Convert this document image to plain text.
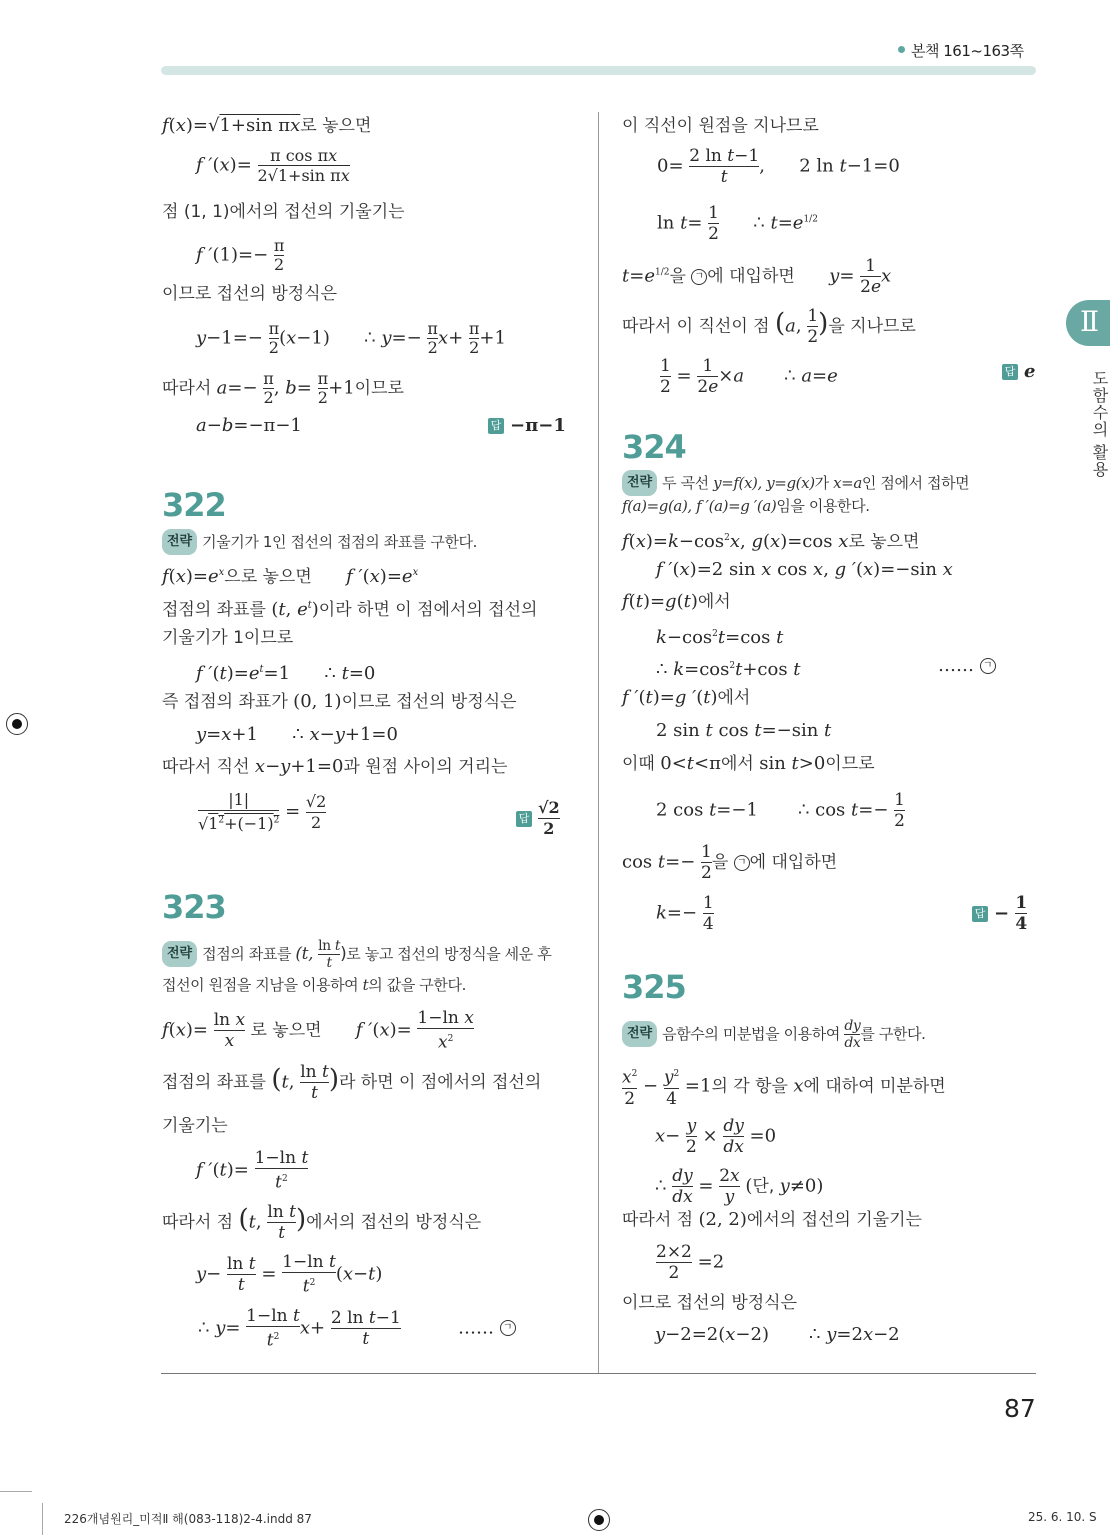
본책 161~163쪽
Ⅱ
도함수의 활용
f(x)=√1+sin πx로 놓으면
f $'(x)= \frac{\text{π cos πx}}{\text{2√1+sin πx}}$
점 (1, 1)에서의 접선의 기울기는
f $'(1)=- \frac{\pi}{2}$
이므로 접선의 방정식은
$y-1=- \frac{\pi}{2} (x-1)$      ∴ $y=- \frac{\pi}{2} x+ \frac{\pi}{2} +1$
따라서 $a=- \frac{\pi}{2}$ , $b= \frac{\pi}{2} +1$이므로
a−b=−π−1	답 −π−1
322
전략 기울기가 1인 접선의 접점의 좌표를 구한다.
$f(x)=e^x$으로 놓으면 f $'(x)=e^x$
접점의 좌표를 (t, $e^t$)이라 하면 이 점에서의 접선의
기울기가 1이므로
f $'(t)=e^t=1$      ∴ t=0
즉 접점의 좌표가 (0, 1)이므로 접선의 방정식은
y=x+1      ∴ x−y+1=0
따라서 직선 x−y+1=0과 원점 사이의 거리는
$\frac{|1|}{√1^2+(-1)^2} = \frac{√2}{2}$	답 $\frac{√2}{2}$
323
전략 접점의 좌표를 (t, $\frac{\text{ln t}}{t}$ )로 놓고 접선의 방정식을 세운 후
접선이 원점을 지남을 이용하여 t의 값을 구한다.
$f(x)= \frac{\text{ln x}}{x}$ 로 놓으면 f $'(x)= \frac{\text{1−ln x}}{x^2}$
접점의 좌표를 (t, $\frac{\text{ln t}}{t}$ )라 하면 이 점에서의 접선의
기울기는
f $'(t)= \frac{\text{1−ln t}}{t^2}$
따라서 점 (t, $\frac{\text{ln t}}{t}$ )에서의 접선의 방정식은
$y- \frac{\text{ln t}}{t} = \frac{\text{1−ln t}}{t^2} (x-t)$
∴ $y= \frac{\text{1−ln t}}{t^2} x+ \frac{\text{2 ln t−1}}{t}$ …… ㄱ
이 직선이 원점을 지나므로
$0= \frac{\text{2 ln t−1}}{t}$ ,      2 ln t−1=0
$\ln t= \frac{1}{2}$ ∴ $t=e^{1/2}$
$t=e^{1/2}$을 ㄱ 에 대입하면 $y= \frac{1}{2e}$ x
따라서 이 직선이 점 (a, $\frac{1}{2}$ )을 지나므로
$\frac{1}{2} = \frac{1}{2e} \times a$       ∴ a=e	답 e
324
전략 두 곡선 y=f(x), y=g(x)가 x=a인 점에서 접하면
f(a)=g(a), f ′(a)=g ′(a)임을 이용한다.
$f(x)=k-\cos^2x$, g(x)=cos x로 놓으면
f ′(x)=2 sin x cos x, g ′(x)=−sin x
f(t)=g(t)에서
$k-\cos^2t=\cos$ t
∴ $k=\cos^2t+\cos$ t	…… ㄱ
f ′(t)=g ′(t)에서
2 sin t cos t=−sin t
이때 0<t<π에서 sin t>0이므로
2 cos t=−1       ∴ $\cos t=- \frac{1}{2}$
$\cos t=- \frac{1}{2}$ 을 ㄱ 에 대입하면
$k=- \frac{1}{4}$	답 − $\frac{1}{4}$
325
전략 음함수의 미분법을 이용하여 $\frac{dy}{dx}$ 를 구한다.
$\frac{x^2}{2} - \frac{y^2}{4} =1$의 각 항을 x에 대하여 미분하면
$x- \frac{y}{2} \times \frac{dy}{dx} =0$
∴ $\frac{dy}{dx} = \frac{2x}{y}$ (단, y≠0)
따라서 점 (2, 2)에서의 접선의 기울기는
$\frac{2\times 2}{2} =2$
이므로 접선의 방정식은
y−2=2(x−2)       ∴ y=2x−2
87
226개념원리_미적Ⅱ 해(083-118)2-4.indd 87	25. 6. 10. S
